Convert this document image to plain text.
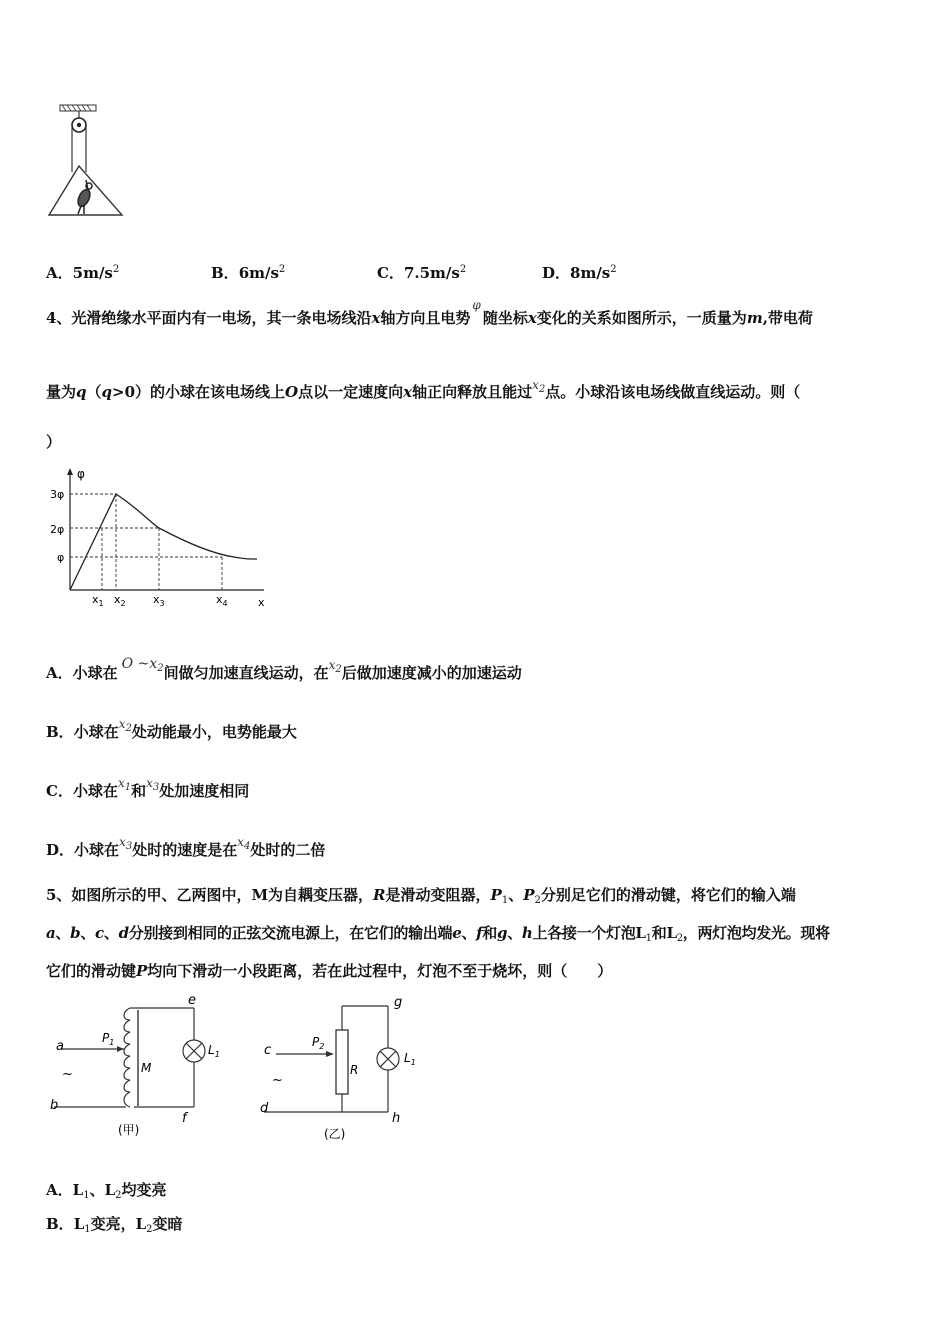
A．$5m/s^2$	B．$6m/s^2$	C．$7.5m/s^2$	D．$8m/s^2$
4、光滑绝缘水平面内有一电场，其一条电场线沿x轴方向且电势$^\varphi$随坐标x变化的关系如图所示，一质量为m,带电荷
量为q（q>0）的小球在该电场线上O点以一定速度向x轴正向释放且能过$^{x_2}$点。小球沿该电场线做直线运动。则（
）
φ
x
3φ
2φ
φ
$x_1$ $x_2$ $x_3$	$x_4$
A．小球在 O $\sim x_2$间做匀加速直线运动，在$^{x_2}$后做加速度减小的加速运动
B．小球在$^{x_2}$处动能最小，电势能最大
C．小球在$^{x_1}$和$^{x_3}$处加速度相同
D．小球在$^{x_3}$处时的速度是在$^{x_4}$处时的二倍
5、如图所示的甲、乙两图中，M为自耦变压器，R是滑动变阻器，$P_1$、$P_2$分别足它们的滑动键，将它们的输入端
a、b、c、d分别接到相同的正弦交流电源上，在它们的输出端e、f和g、h上各接一个灯泡$L_1$和$L_2$，两灯泡均发光。现将
它们的滑动键P均向下滑动一小段距离，若在此过程中，灯泡不至于烧坏，则（　　）
a
b
e
f
~
$P_1$
M
$L_1$
(甲)
c
d
g
h
~
$P_2$
R
$L_1$
(乙)
A．$L_1$、$L_2$均变亮
B．$L_1$变亮，$L_2$变暗
